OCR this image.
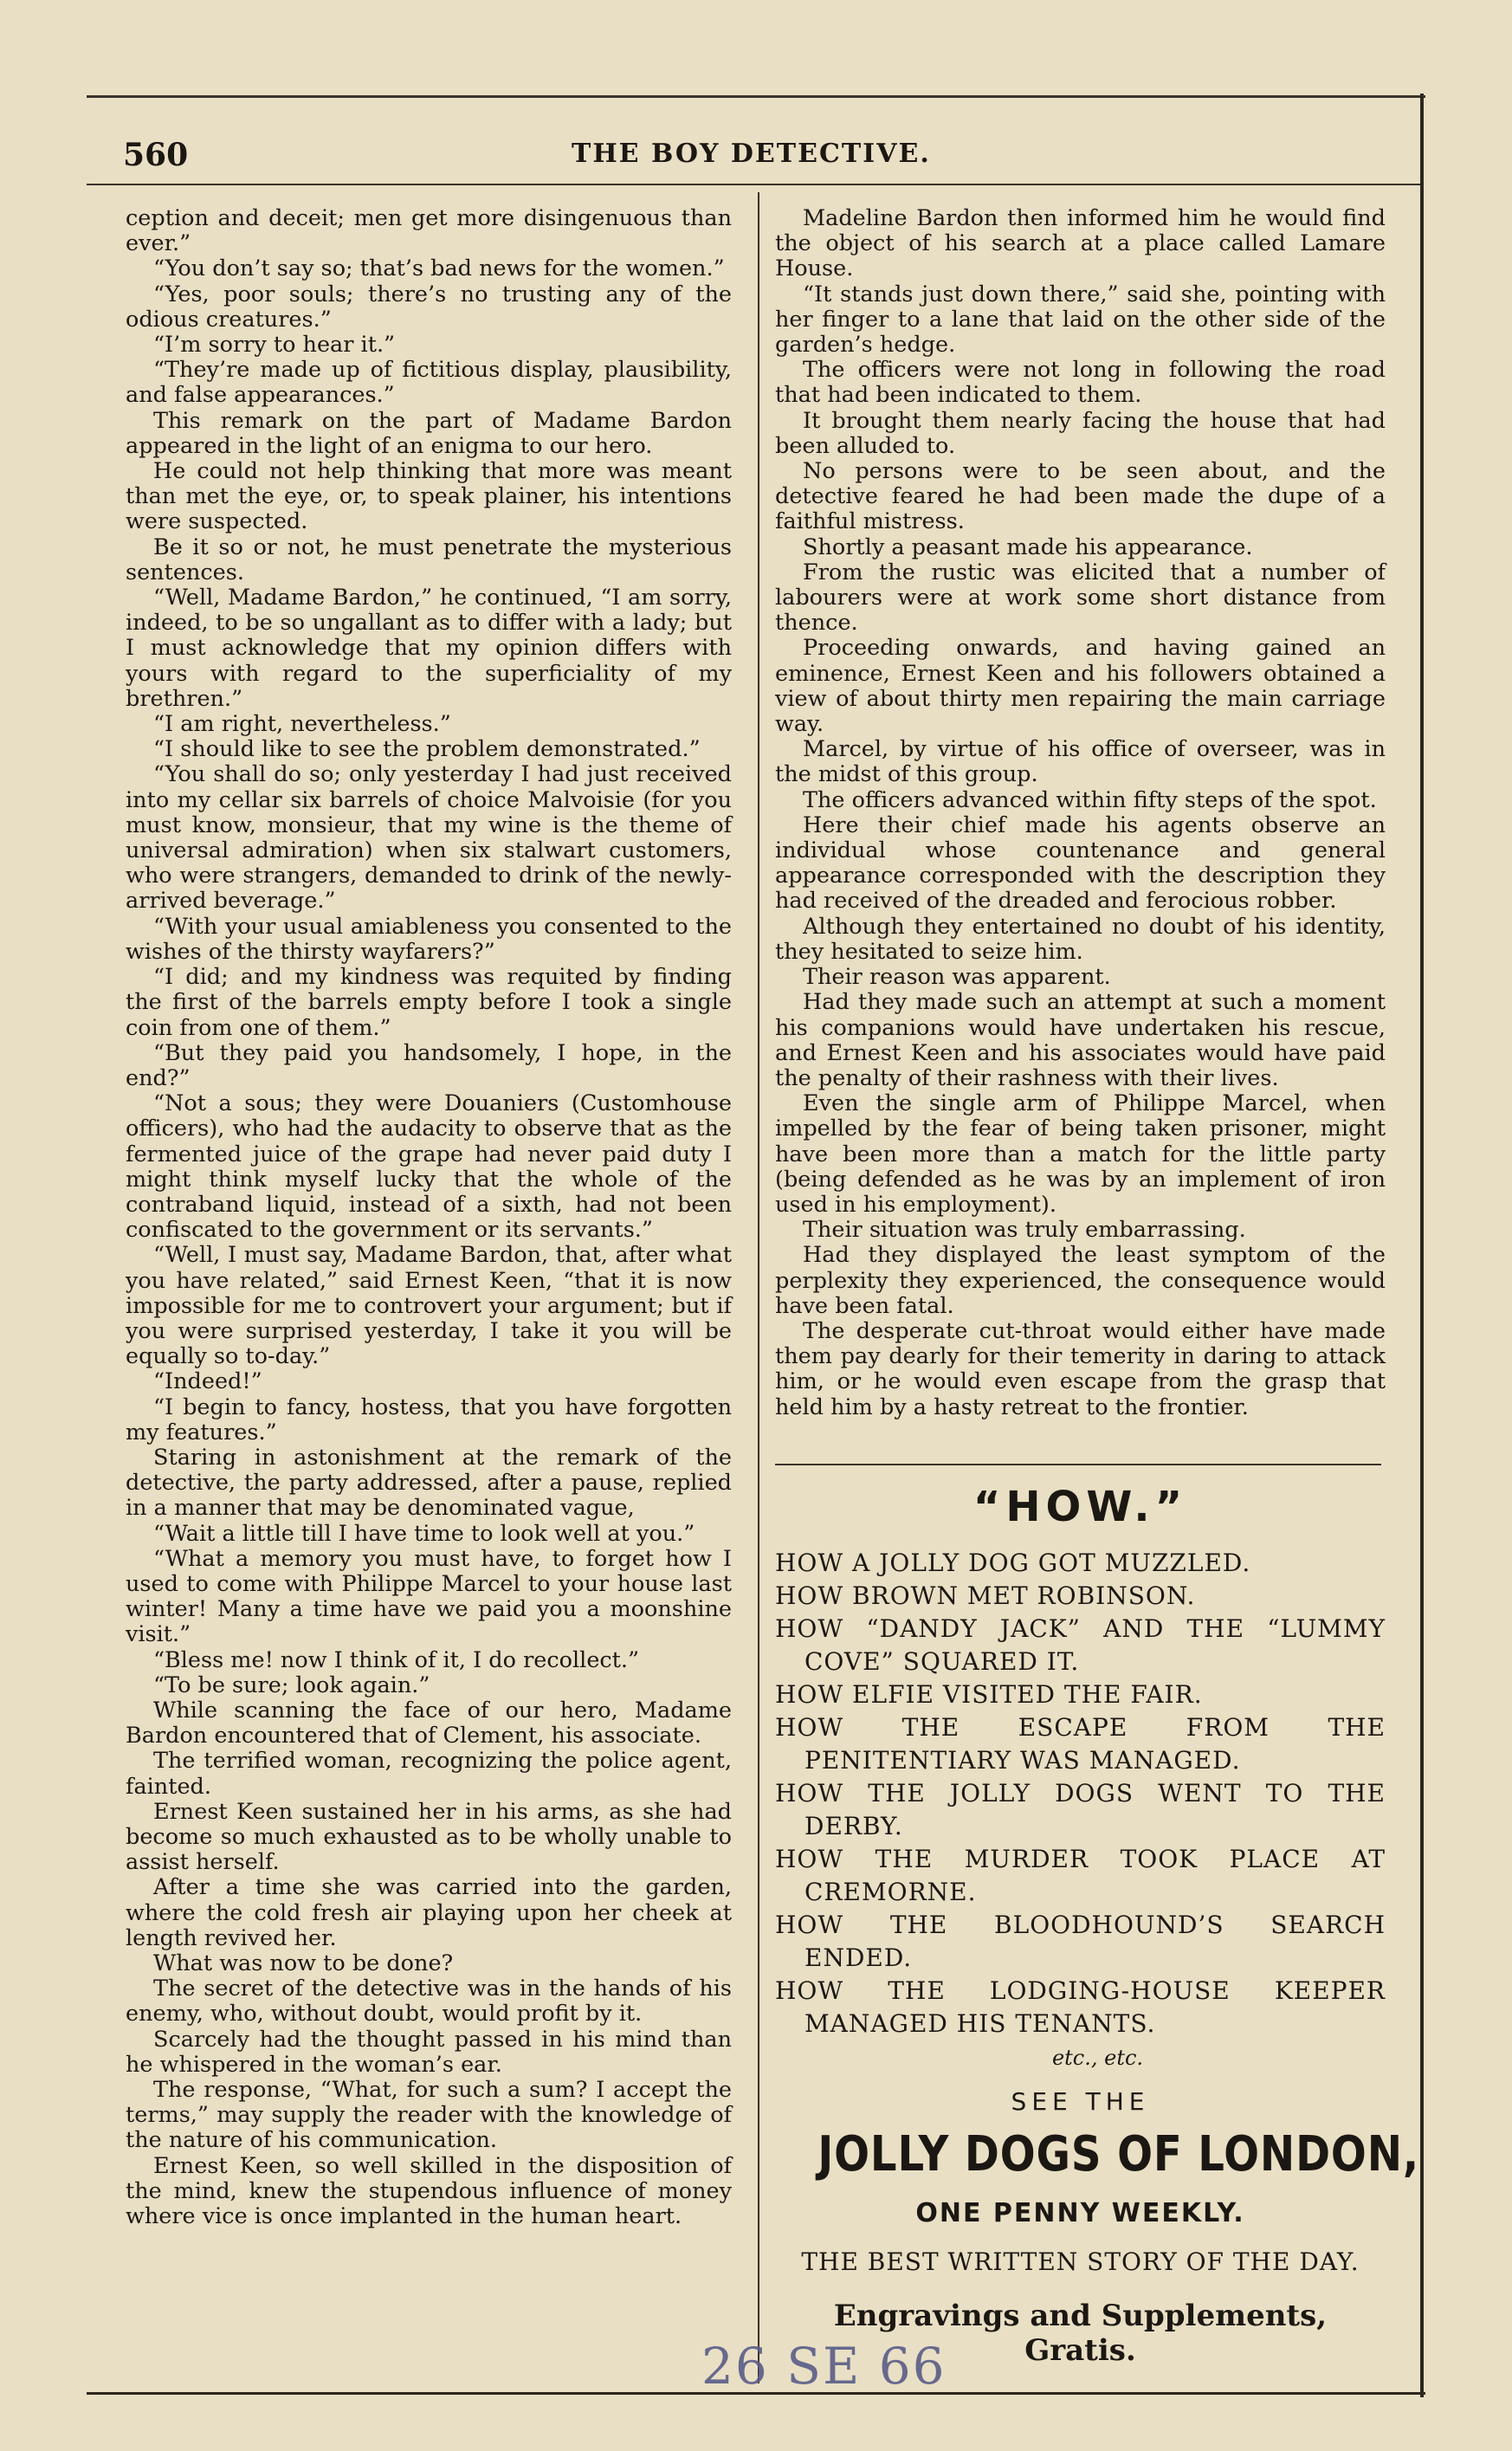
560	THE BOY DETECTIVE.

ception and deceit; men get more disingenuous than ever.”

“You don’t say so; that’s bad news for the women.”

“Yes, poor souls; there’s no trusting any of the odious creatures.”

“I’m sorry to hear it.”

“They’re made up of fictitious display, plausibility, and false appearances.”

This remark on the part of Madame Bardon appeared in the light of an enigma to our hero.

He could not help thinking that more was meant than met the eye, or, to speak plainer, his intentions were suspected.

Be it so or not, he must penetrate the mysterious sentences.

“Well, Madame Bardon,” he continued, “I am sorry, indeed, to be so ungallant as to differ with a lady; but I must acknowledge that my opinion differs with yours with regard to the superficiality of my brethren.”

“I am right, nevertheless.”

“I should like to see the problem demonstrated.”

“You shall do so; only yesterday I had just received into my cellar six barrels of choice Malvoisie (for you must know, monsieur, that my wine is the theme of universal admiration) when six stalwart customers, who were strangers, demanded to drink of the newly-arrived beverage.”

“With your usual amiableness you consented to the wishes of the thirsty wayfarers?”

“I did; and my kindness was requited by finding the first of the barrels empty before I took a single coin from one of them.”

“But they paid you handsomely, I hope, in the end?”

“Not a sous; they were Douaniers (Customhouse officers), who had the audacity to observe that as the fermented juice of the grape had never paid duty I might think myself lucky that the whole of the contraband liquid, instead of a sixth, had not been confiscated to the government or its servants.”

“Well, I must say, Madame Bardon, that, after what you have related,” said Ernest Keen, “that it is now impossible for me to controvert your argument; but if you were surprised yesterday, I take it you will be equally so to-day.”

“Indeed!”

“I begin to fancy, hostess, that you have forgotten my features.”

Staring in astonishment at the remark of the detective, the party addressed, after a pause, replied in a manner that may be denominated vague,

“Wait a little till I have time to look well at you.”

“What a memory you must have, to forget how I used to come with Philippe Marcel to your house last winter! Many a time have we paid you a moonshine visit.”

“Bless me! now I think of it, I do recollect.”

“To be sure; look again.”

While scanning the face of our hero, Madame Bardon encountered that of Clement, his associate.

The terrified woman, recognizing the police agent, fainted.

Ernest Keen sustained her in his arms, as she had become so much exhausted as to be wholly unable to assist herself.

After a time she was carried into the garden, where the cold fresh air playing upon her cheek at length revived her.

What was now to be done?

The secret of the detective was in the hands of his enemy, who, without doubt, would profit by it.

Scarcely had the thought passed in his mind than he whispered in the woman’s ear.

The response, “What, for such a sum? I accept the terms,” may supply the reader with the knowledge of the nature of his communication.

Ernest Keen, so well skilled in the disposition of the mind, knew the stupendous influence of money where vice is once implanted in the human heart.

Madeline Bardon then informed him he would find the object of his search at a place called Lamare House.

“It stands just down there,” said she, pointing with her finger to a lane that laid on the other side of the garden’s hedge.

The officers were not long in following the road that had been indicated to them.

It brought them nearly facing the house that had been alluded to.

No persons were to be seen about, and the detective feared he had been made the dupe of a faithful mistress.

Shortly a peasant made his appearance.

From the rustic was elicited that a number of labourers were at work some short distance from thence.

Proceeding onwards, and having gained an eminence, Ernest Keen and his followers obtained a view of about thirty men repairing the main carriage way.

Marcel, by virtue of his office of overseer, was in the midst of this group.

The officers advanced within fifty steps of the spot.

Here their chief made his agents observe an individual whose countenance and general appearance corresponded with the description they had received of the dreaded and ferocious robber.

Although they entertained no doubt of his identity, they hesitated to seize him.

Their reason was apparent.

Had they made such an attempt at such a moment his companions would have undertaken his rescue, and Ernest Keen and his associates would have paid the penalty of their rashness with their lives.

Even the single arm of Philippe Marcel, when impelled by the fear of being taken prisoner, might have been more than a match for the little party (being defended as he was by an implement of iron used in his employment).

Their situation was truly embarrassing.

Had they displayed the least symptom of the perplexity they experienced, the consequence would have been fatal.

The desperate cut-throat would either have made them pay dearly for their temerity in daring to attack him, or he would even escape from the grasp that held him by a hasty retreat to the frontier.

“HOW.”
HOW A JOLLY DOG GOT MUZZLED.
HOW BROWN MET ROBINSON.
HOW “DANDY JACK” AND THE “LUMMY COVE” SQUARED IT.
HOW ELFIE VISITED THE FAIR.
HOW THE ESCAPE FROM THE PENITENTIARY WAS MANAGED.
HOW THE JOLLY DOGS WENT TO THE DERBY.
HOW THE MURDER TOOK PLACE AT CREMORNE.
HOW THE BLOODHOUND’S SEARCH ENDED.
HOW THE LODGING-HOUSE KEEPER MANAGED HIS TENANTS.
etc., etc.
SEE THE
JOLLY DOGS OF LONDON,
ONE PENNY WEEKLY.
THE BEST WRITTEN STORY OF THE DAY.
Engravings and Supplements, Gratis.
26 SE 66
